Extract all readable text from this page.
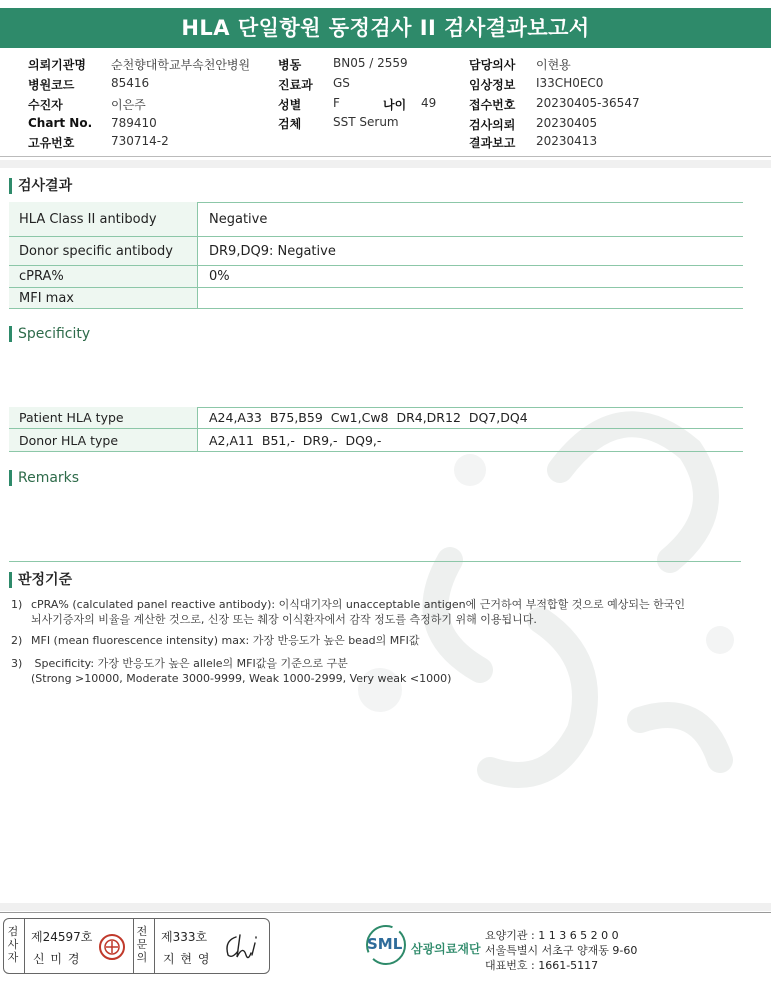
HLA 단일항원 동정검사 II 검사결과보고서
의뢰기관명 순천향대학교부속천안병원
병원코드	85416
수진자	이은주
Chart No. 789410
고유번호	730714-2
병동	BN05 / 2559
진료과 GS
성별	F	나이 49
검체	SST Serum
담당의사 이현용
임상정보 I33CH0EC0
접수번호 20230405-36547
검사의뢰 20230405
결과보고 20230413
검사결과
HLA Class II antibody	Negative
Donor specific antibody	DR9,DQ9: Negative
cPRA%	0%
MFI max
Specificity
Patient HLA type	A24,A33  B75,B59  Cw1,Cw8  DR4,DR12  DQ7,DQ4
Donor HLA type	A2,A11  B51,-  DR9,-  DQ9,-
Remarks
판정기준
1) cPRA% (calculated panel reactive antibody): 이식대기자의 unacceptable antigen에 근거하여 부적합할 것으로 예상되는 한국인
뇌사기증자의 비율을 계산한 것으로, 신장 또는 췌장 이식환자에서 감작 정도를 측정하기 위해 이용됩니다.
2) MFI (mean fluorescence intensity) max: 가장 반응도가 높은 bead의 MFI값
3) Specificity: 가장 반응도가 높은 allele의 MFI값을 기준으로 구분
(Strong >10000, Moderate 3000-9999, Weak 1000-2999, Very weak <1000)
검사자
제24597호
신 미 경
전문의
제333호
지 현 영
SML 삼광의료재단
요양기관 : 1 1 3 6 5 2 0 0
서울특별시 서초구 양재동 9-60
대표번호 : 1661-5117
